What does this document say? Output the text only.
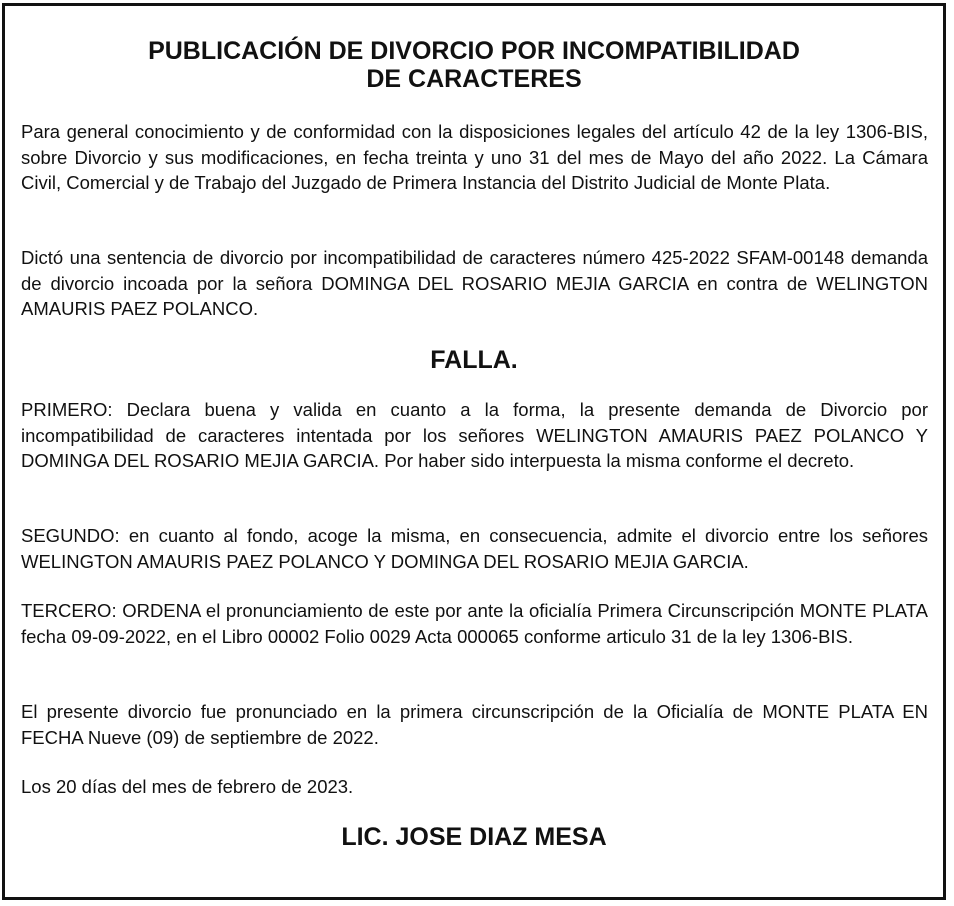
PUBLICACIÓN DE DIVORCIO POR INCOMPATIBILIDAD
DE CARACTERES

Para general conocimiento y de conformidad con la disposiciones legales del artículo 42 de la ley 1306-BIS, sobre Divorcio y sus modificaciones, en fecha treinta y uno 31 del mes de Mayo del año 2022. La Cámara Civil, Comercial y de Trabajo del Juzgado de Primera Instancia del Distrito Judicial de Monte Plata.

Dictó una sentencia de divorcio por incompatibilidad de caracteres número 425-2022 SFAM-00148 demanda de divorcio incoada por la señora DOMINGA DEL ROSARIO MEJIA GARCIA en contra de WELINGTON AMAURIS PAEZ POLANCO.

FALLA.

PRIMERO: Declara buena y valida en cuanto a la forma, la presente demanda de Divorcio por incompatibilidad de caracteres intentada por los señores WELINGTON AMAURIS PAEZ POLANCO Y DOMINGA DEL ROSARIO MEJIA GARCIA. Por haber sido interpuesta la misma conforme el decreto.

SEGUNDO: en cuanto al fondo, acoge la misma, en consecuencia, admite el divorcio entre los señores WELINGTON AMAURIS PAEZ POLANCO Y DOMINGA DEL ROSARIO MEJIA GARCIA.

TERCERO: ORDENA el pronunciamiento de este por ante la oficialía Primera Circunscripción MONTE PLATA fecha 09-09-2022, en el Libro 00002 Folio 0029 Acta 000065 conforme articulo 31 de la ley 1306-BIS.

El presente divorcio fue pronunciado en la primera circunscripción de la Oficialía de MONTE PLATA EN FECHA Nueve (09) de septiembre de 2022.

Los 20 días del mes de febrero de 2023.

LIC. JOSE DIAZ MESA
